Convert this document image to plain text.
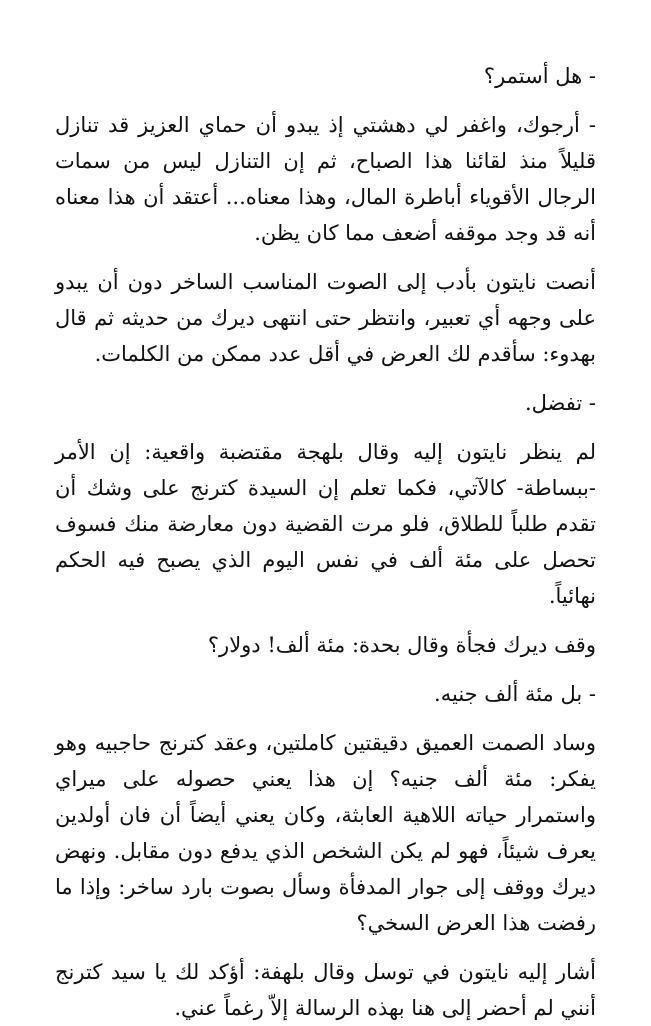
- هل أستمر؟

- أرجوك، واغفر لي دهشتي إذ يبدو أن حماي العزيز قد تنازل قليلاً منذ لقائنا هذا الصباح، ثم إن التنازل ليس من سمات الرجال الأقوياء أباطرة المال، وهذا معناه... أعتقد أن هذا معناه أنه قد وجد موقفه أضعف مما كان يظن.

أنصت نايتون بأدب إلى الصوت المناسب الساخر دون أن يبدو على وجهه أي تعبير، وانتظر حتى انتهى ديرك من حديثه ثم قال بهدوء: سأقدم لك العرض في أقل عدد ممكن من الكلمات.

- تفضل.

لم ينظر نايتون إليه وقال بلهجة مقتضبة واقعية: إن الأمر -ببساطة- كالآتي، فكما تعلم إن السيدة كترنج على وشك أن تقدم طلباً للطلاق، فلو مرت القضية دون معارضة منك فسوف تحصل على مئة ألف في نفس اليوم الذي يصبح فيه الحكم نهائياً.

وقف ديرك فجأة وقال بحدة: مئة ألف! دولار؟

- بل مئة ألف جنيه.

وساد الصمت العميق دقيقتين كاملتين، وعقد كترنج حاجبيه وهو يفكر: مئة ألف جنيه؟ إن هذا يعني حصوله على ميراي واستمرار حياته اللاهية العابثة، وكان يعني أيضاً أن فان أولدين يعرف شيئاً، فهو لم يكن الشخص الذي يدفع دون مقابل. ونهض ديرك ووقف إلى جوار المدفأة وسأل بصوت بارد ساخر: وإذا ما رفضت هذا العرض السخي؟

أشار إليه نايتون في توسل وقال بلهفة: أؤكد لك يا سيد كترنج أنني لم أحضر إلى هنا بهذه الرسالة إلاّ رغماً عني.
